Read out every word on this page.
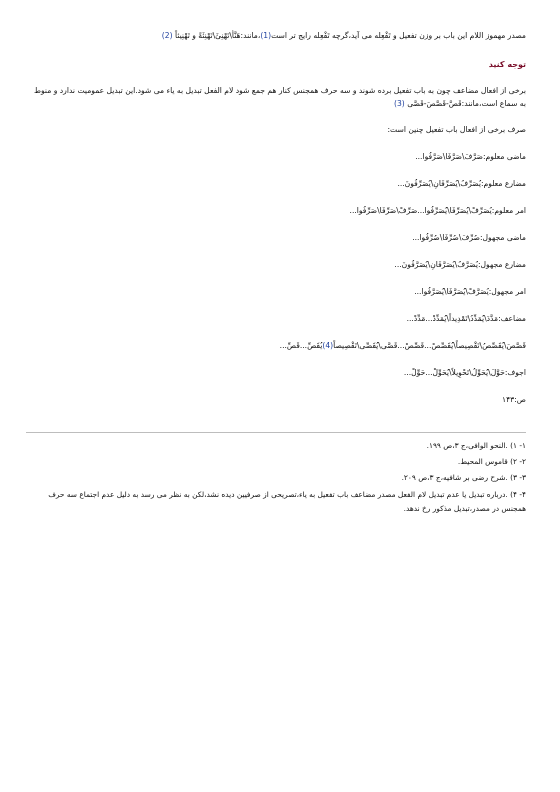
مصدر مهموز اللام این باب بر وزن تفعیل و تَفْعِله می آید،گرچه تَفْعِله رایج تر است(1)،مانند:هَنَّأَ\تَهْنِئَ\تَهْنِئَةً و تَهْنِیئاً (2)
توجه کنید
برخی از افعال مضاعف چون به باب تفعیل برده شوند و سه حرف همجنس کنار هم جمع شود لام الفعل تبدیل به یاء می شود.این تبدیل عمومیت ندارد و منوط به سماع است،مانند:قَصَّ-قَصَّصَ-قَصَّی (3)
صرف برخی از افعال باب تفعیل چنین است:
ماضی معلوم:صَرَّفَ\صَرَّفَا\صَرَّفُوا...
مضارع معلوم:یُصَرِّفُ\یُصَرِّفَانِ\یُصَرِّفُونَ...
امر معلوم:یُصَرِّفْ\یُصَرِّفَا\یُصَرِّفُوا...صَرِّفْ\صَرِّفَا\صَرِّفُوا...
ماضی مجهول:صُرِّفَ\صُرِّفَا\صُرِّفُوا...
مضارع مجهول:یُصَرَّفُ\یُصَرَّفَانِ\یُصَرَّفُونَ...
امر مجهول:یُصَرَّفْ\یُصَرَّفَا\یُصَرَّفُوا...
مضاعف:مَدَّدَ\یُمَدِّدُ\تَمْدِیداً\یُمَدِّدْ...مَدِّدْ...
قَصَّصَ\یُقَصِّصُ\تَقْصِیصاً\یُقَصِّصْ...قَصِّصْ...قَصَّی\یُقَصِّی\تَقْصِیصاً(4)یُقَصِّ...قَصِّ...
اجوف:حَوَّلَ\یُحَوِّلُ\تَحْوِیلاً\یُحَوِّلْ...حَوِّلْ...
ص:۱۴۳
۱- ۱) .النحو الوافی،ج ۳،ص ۱۹۹.
۲- ۲) قاموس المحیط.
۳- ۳) .شرح رضی بر شافیه،ج ۳،ص ۲۰۹.
۴- ۴) .درباره تبدیل یا عدم تبدیل لام الفعل مصدر مضاعف باب تفعیل به یاء،تصریحی از صرفیین دیده نشد،لکن به نظر می رسد به دلیل عدم اجتماع سه حرف همجنس در مصدر،تبدیل مذکور رخ ندهد.
